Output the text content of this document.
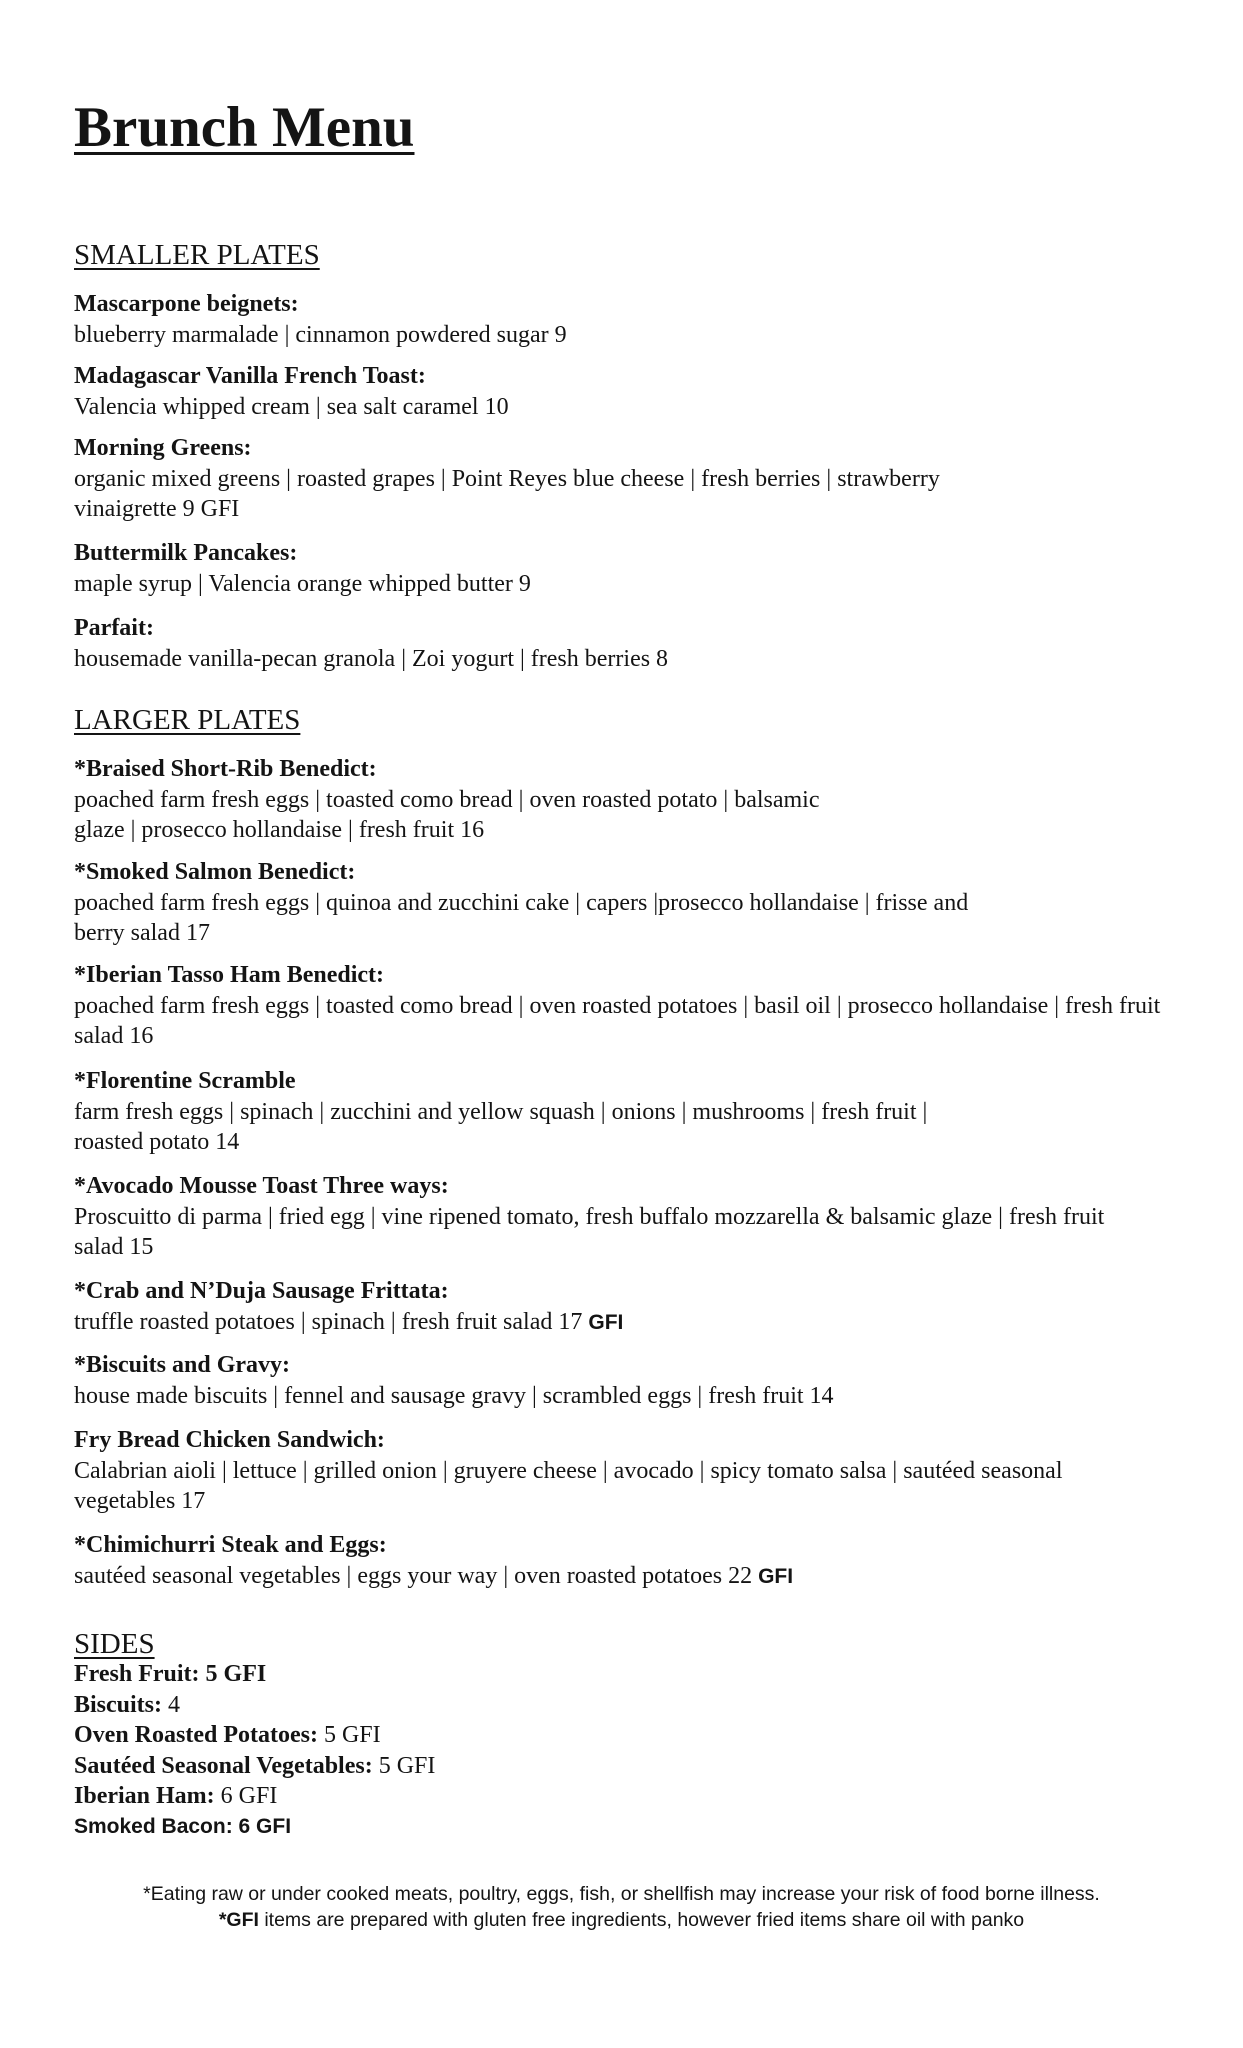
Brunch Menu
SMALLER PLATES
Mascarpone beignets:
blueberry marmalade | cinnamon powdered sugar 9
Madagascar Vanilla French Toast:
Valencia whipped cream | sea salt caramel 10
Morning Greens:
organic mixed greens | roasted grapes | Point Reyes blue cheese | fresh berries | strawberry vinaigrette 9 GFI
Buttermilk Pancakes:
maple syrup | Valencia orange whipped butter 9
Parfait:
housemade vanilla-pecan granola | Zoi yogurt | fresh berries 8
LARGER PLATES
*Braised Short-Rib Benedict:
poached farm fresh eggs | toasted como bread | oven roasted potato | balsamic glaze | prosecco hollandaise | fresh fruit 16
*Smoked Salmon Benedict:
poached farm fresh eggs | quinoa and zucchini cake | capers |prosecco hollandaise | frisse and berry salad 17
*Iberian Tasso Ham Benedict:
poached farm fresh eggs | toasted como bread | oven roasted potatoes | basil oil | prosecco hollandaise | fresh fruit salad 16
*Florentine Scramble
farm fresh eggs | spinach | zucchini and yellow squash | onions | mushrooms | fresh fruit | roasted potato 14
*Avocado Mousse Toast Three ways:
Proscuitto di parma | fried egg | vine ripened tomato, fresh buffalo mozzarella & balsamic glaze | fresh fruit salad 15
*Crab and N’Duja Sausage Frittata:
truffle roasted potatoes | spinach | fresh fruit salad 17 GFI
*Biscuits and Gravy:
house made biscuits | fennel and sausage gravy | scrambled eggs | fresh fruit 14
Fry Bread Chicken Sandwich:
Calabrian aioli | lettuce | grilled onion | gruyere cheese | avocado | spicy tomato salsa | sautéed seasonal vegetables 17
*Chimichurri Steak and Eggs:
sautéed seasonal vegetables | eggs your way | oven roasted potatoes 22 GFI
SIDES
Fresh Fruit: 5 GFI
Biscuits: 4
Oven Roasted Potatoes: 5 GFI
Sautéed Seasonal Vegetables: 5 GFI
Iberian Ham: 6 GFI
Smoked Bacon: 6 GFI
*Eating raw or under cooked meats, poultry, eggs, fish, or shellfish may increase your risk of food borne illness.
*GFI items are prepared with gluten free ingredients, however fried items share oil with panko
